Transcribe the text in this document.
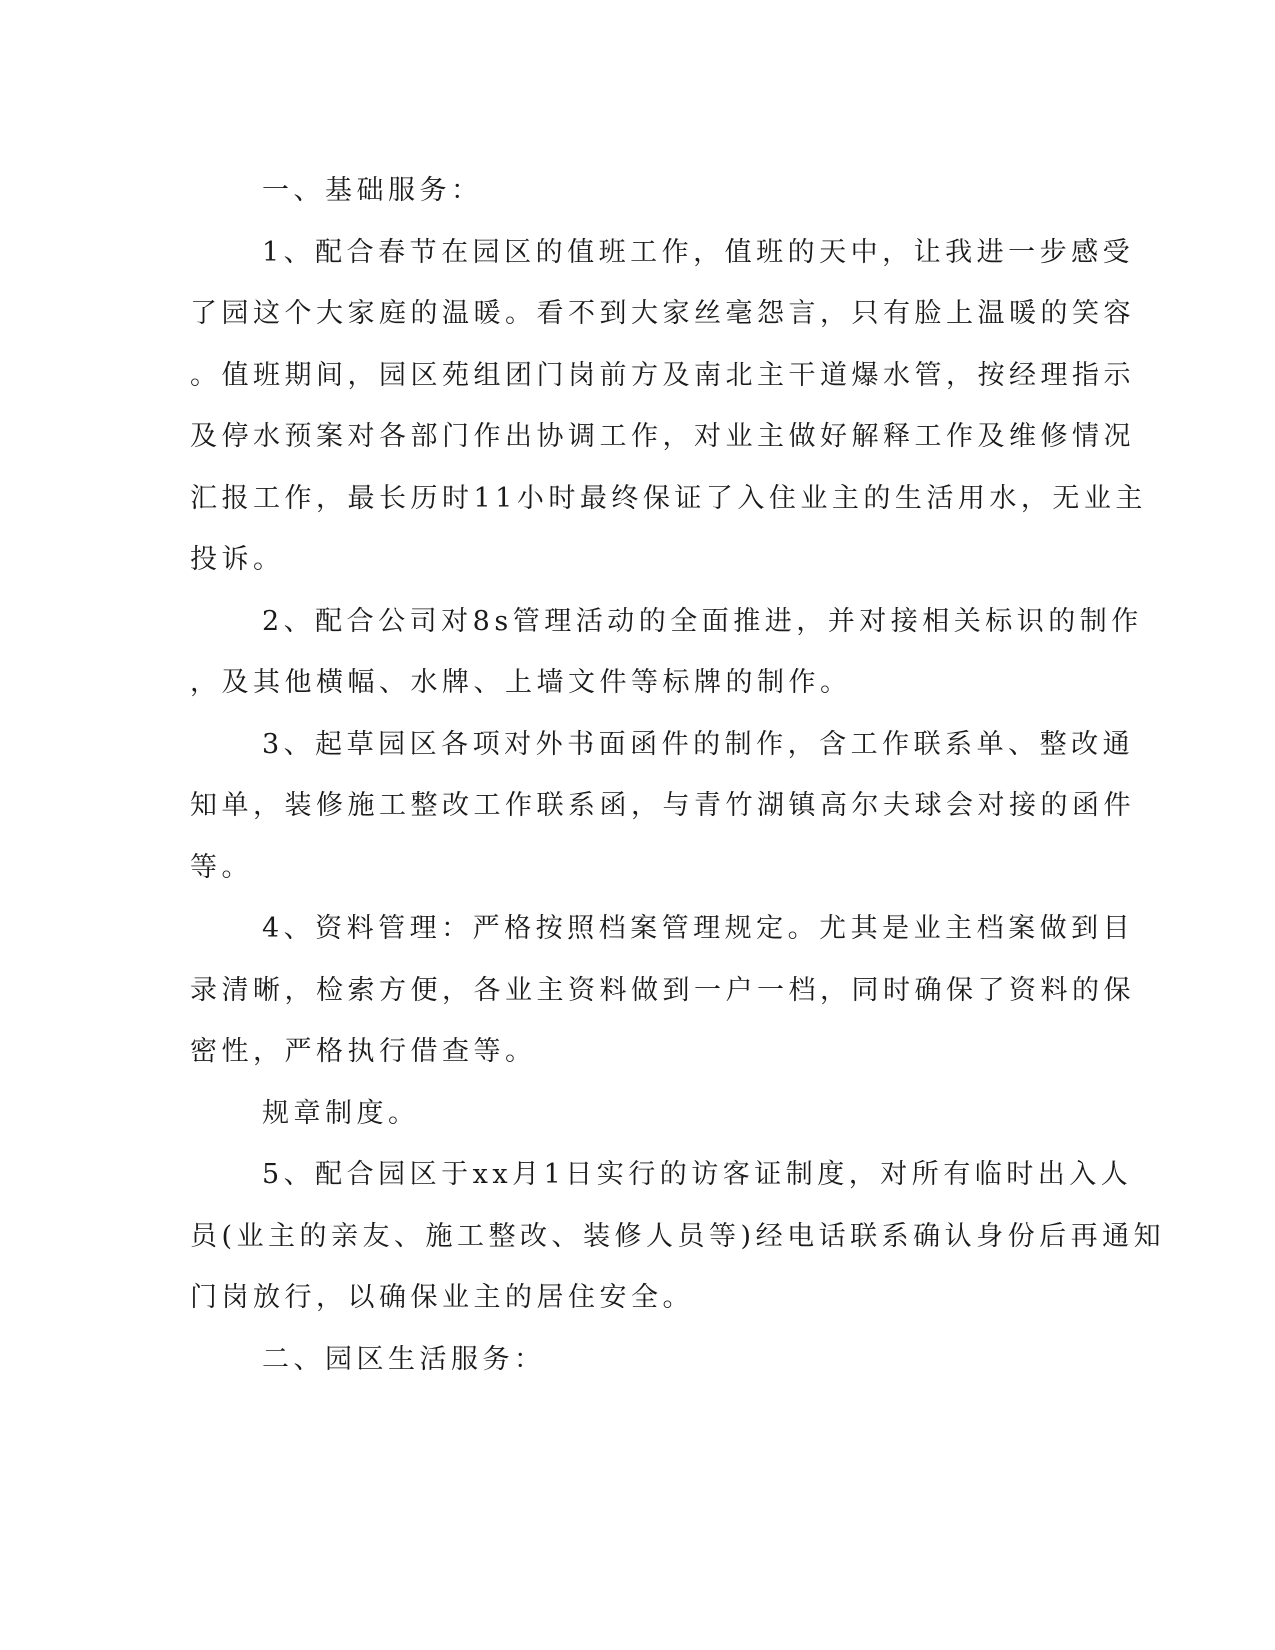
一、基础服务：
1、配合春节在园区的值班工作，值班的天中，让我进一步感受
了园这个大家庭的温暖。看不到大家丝毫怨言，只有脸上温暖的笑容
。值班期间，园区苑组团门岗前方及南北主干道爆水管，按经理指示
及停水预案对各部门作出协调工作，对业主做好解释工作及维修情况
汇报工作，最长历时11小时最终保证了入住业主的生活用水，无业主
投诉。
2、配合公司对8s管理活动的全面推进，并对接相关标识的制作
，及其他横幅、水牌、上墙文件等标牌的制作。
3、起草园区各项对外书面函件的制作，含工作联系单、整改通
知单，装修施工整改工作联系函，与青竹湖镇高尔夫球会对接的函件
等。
4、资料管理：严格按照档案管理规定。尤其是业主档案做到目
录清晰，检索方便，各业主资料做到一户一档，同时确保了资料的保
密性，严格执行借查等。
规章制度。
5、配合园区于xx月1日实行的访客证制度，对所有临时出入人
员(业主的亲友、施工整改、装修人员等)经电话联系确认身份后再通知
门岗放行，以确保业主的居住安全。
二、园区生活服务：
